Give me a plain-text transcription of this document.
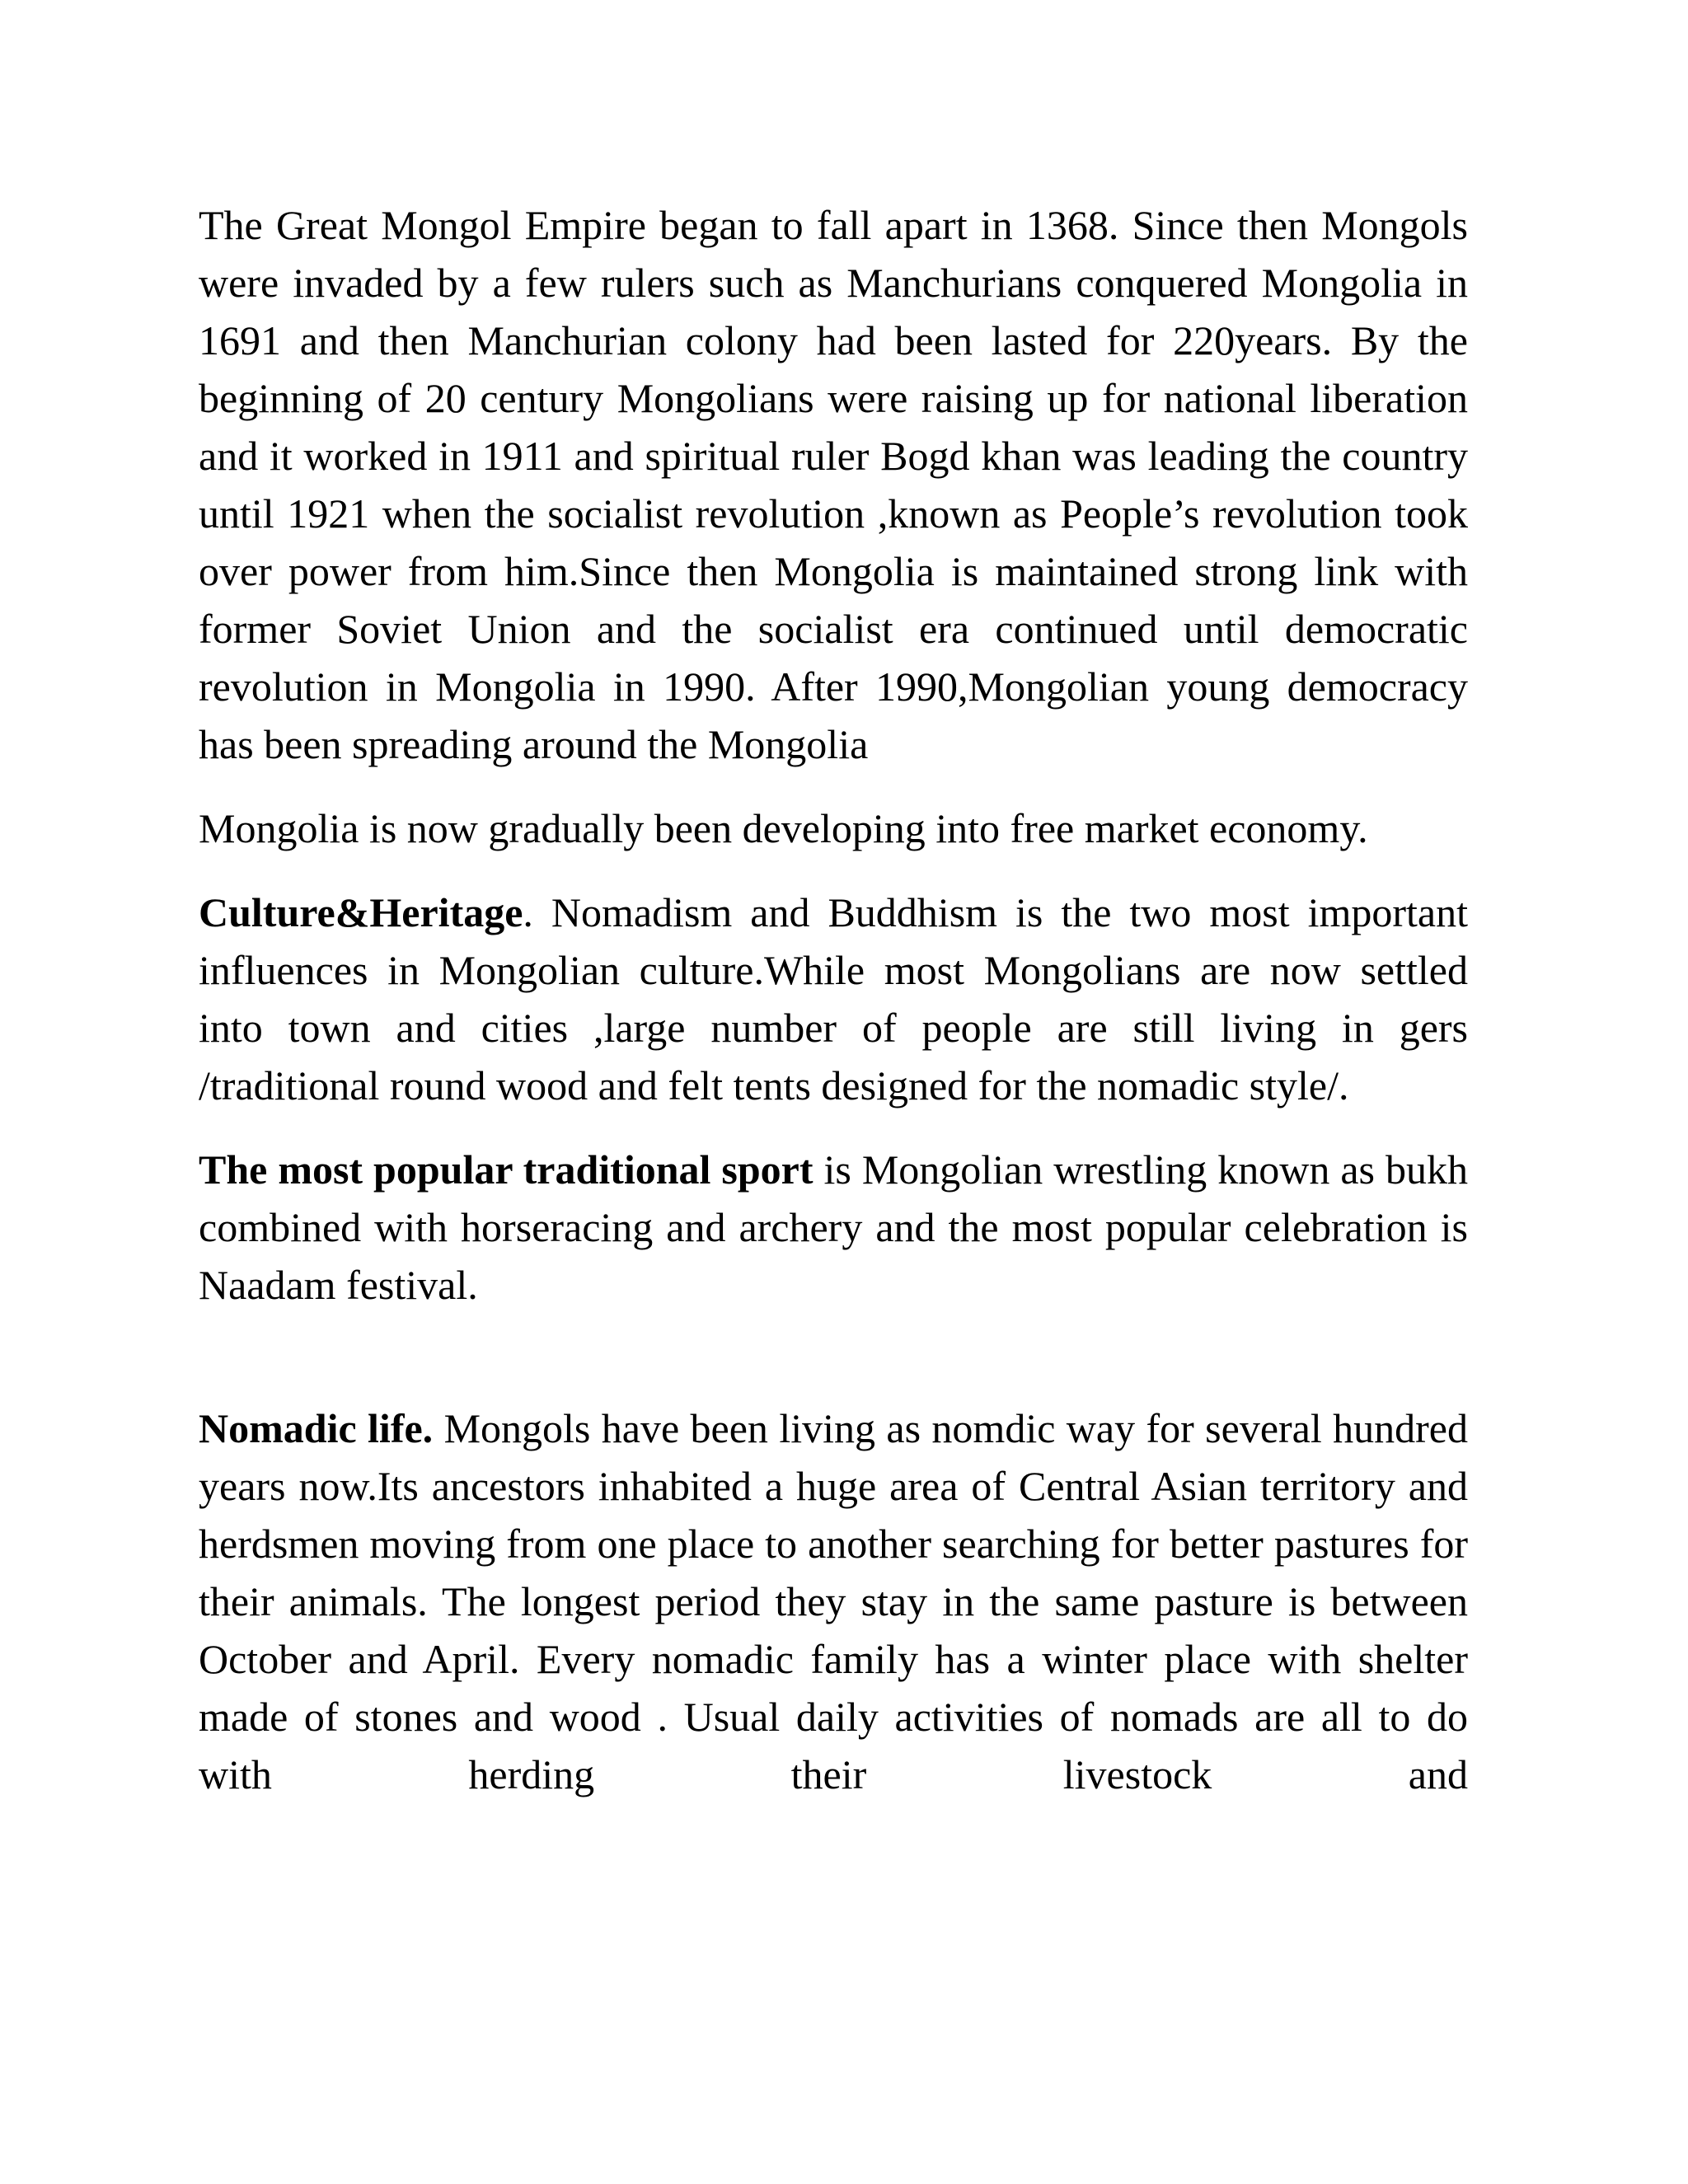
The Great Mongol Empire began to fall apart in 1368. Since then Mongols were invaded by a few rulers such as Manchurians conquered Mongolia in 1691 and then Manchurian colony had been lasted for 220years. By the beginning of 20 century Mongolians were raising up for national liberation and it worked in 1911 and spiritual ruler Bogd khan was leading the country until 1921 when the socialist revolution ,known as People’s revolution took over power from him.Since then Mongolia is maintained strong link with former Soviet Union and the socialist era continued until democratic revolution in Mongolia in 1990. After 1990,Mongolian young democracy has been spreading around the Mongolia

Mongolia is now gradually been developing into free market economy.

Culture&Heritage. Nomadism and Buddhism is the two most important influences in Mongolian culture.While most Mongolians are now settled into town and cities ,large number of people are still living in gers /traditional round wood and felt tents designed for the nomadic style/.

The most popular traditional sport is Mongolian wrestling known as bukh combined with horseracing and archery and the most popular celebration is Naadam festival.

Nomadic life. Mongols have been living as nomdic way for several hundred years now.Its ancestors inhabited a huge area of Central Asian territory and herdsmen moving from one place to another searching for better pastures for their animals. The longest period they stay in the same pasture is between October and April. Every nomadic family has a winter place with shelter made of stones and wood . Usual daily activities of nomads are all to do with herding their livestock and
